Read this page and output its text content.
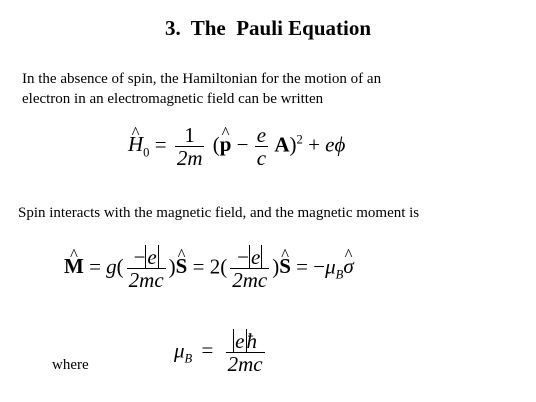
3. The  Pauli Equation
In the absence of spin, the Hamiltonian for the motion of an
electron in an electromagnetic field can be written
^ $H_0 = \frac{1}{2m}$ (^ $p - \frac{e}{c} A)^2 + e\phi$
Spin interacts with the magnetic field, and the magnetic moment is
^ $M = g( \frac{-e}{2mc}$ )^ $S = 2( \frac{-e}{2mc}$ )^ $S = -\mu_B\^{}$ σ
where
$\mu_B = \frac{eħ}{2mc}$
